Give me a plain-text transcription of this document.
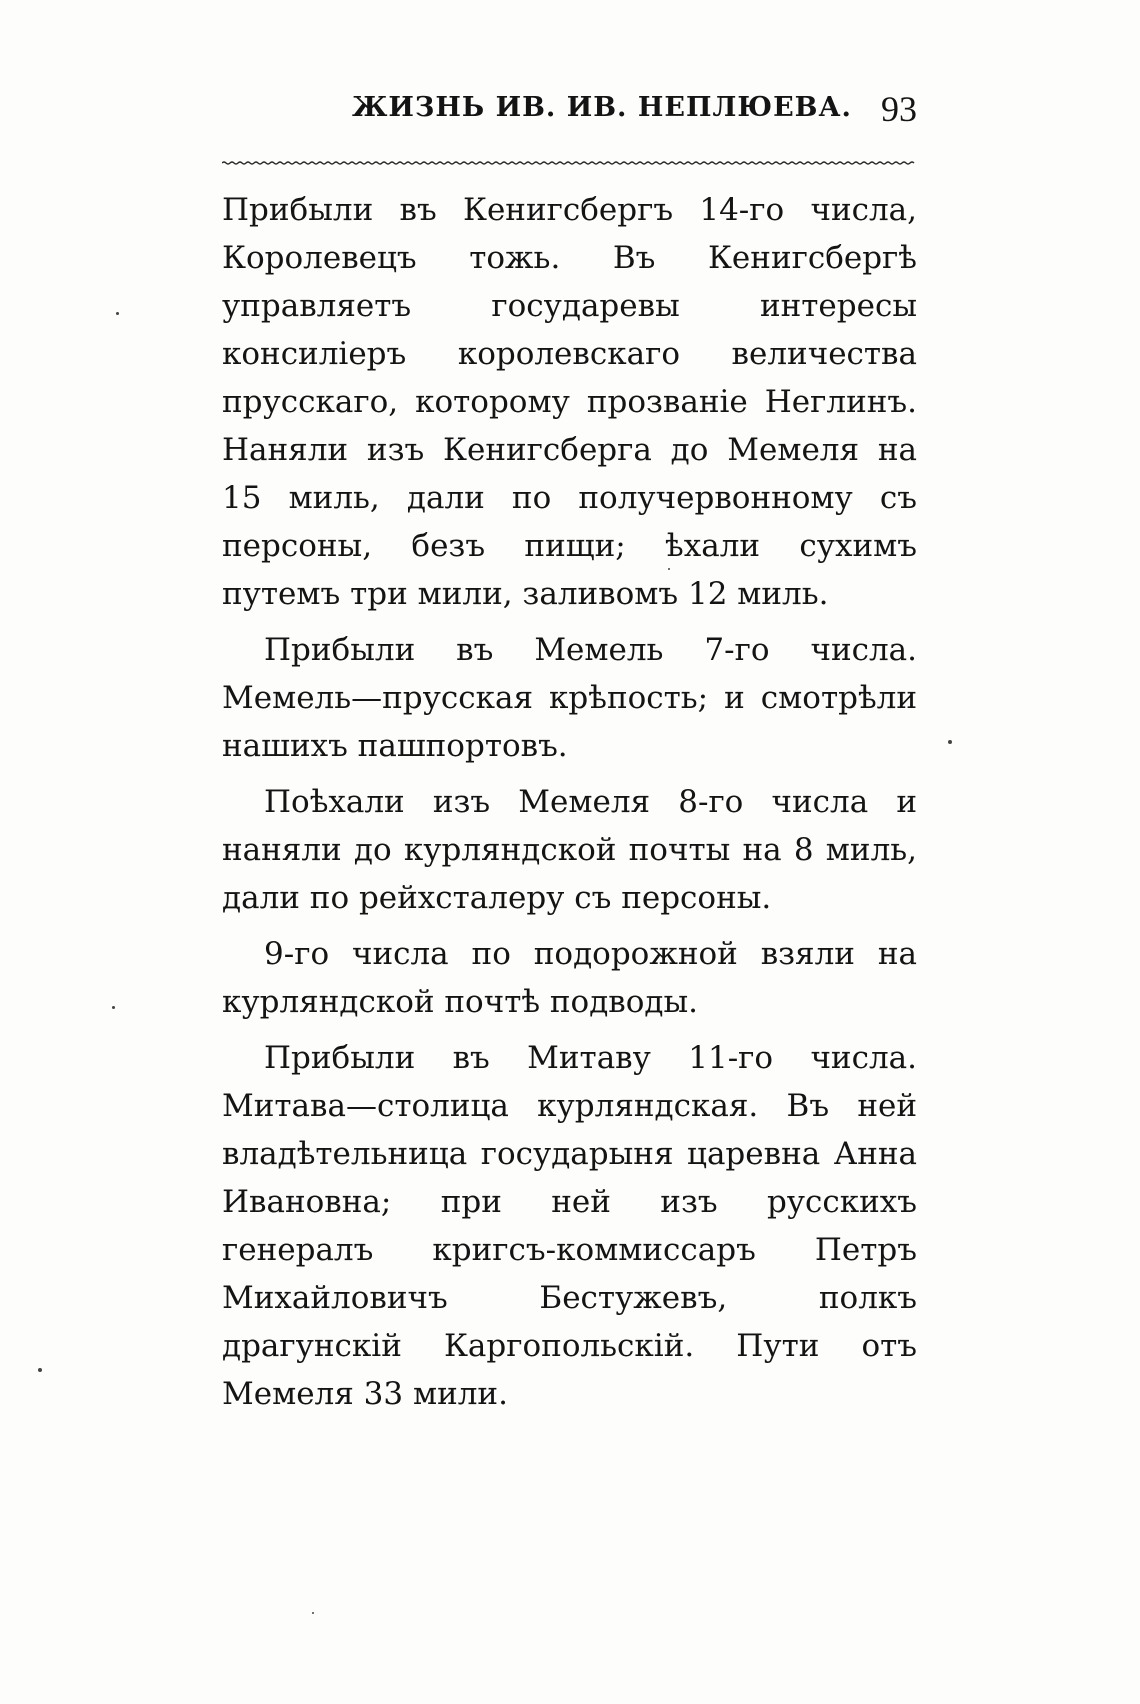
ЖИЗНЬ ИВ. ИВ. НЕПЛЮЕВА. 93

Прибыли въ Кенигсбергъ 14-го числа, Королевецъ тожь. Въ Кенигсбергѣ управляетъ государевы интересы консиліеръ королевскаго величества прусскаго, которому прозваніе Неглинъ. Наняли изъ Кенигсберга до Мемеля на 15 миль, дали по получервонному съ персоны, безъ пищи; ѣхали сухимъ путемъ три мили, заливомъ 12 миль.

Прибыли въ Мемель 7-го числа. Мемель—прусская крѣпость; и смотрѣли нашихъ пашпортовъ.

Поѣхали изъ Мемеля 8-го числа и наняли до курляндской почты на 8 миль, дали по рейхсталеру съ персоны.

9-го числа по подорожной взяли на курляндской почтѣ подводы.

Прибыли въ Митаву 11-го числа. Митава—столица курляндская. Въ ней владѣтельница государыня царевна Анна Ивановна; при ней изъ русскихъ генералъ кригсъ-коммиссаръ Петръ Михайловичъ Бестужевъ, полкъ драгунскій Каргопольскій. Пути отъ Мемеля 33 мили.
